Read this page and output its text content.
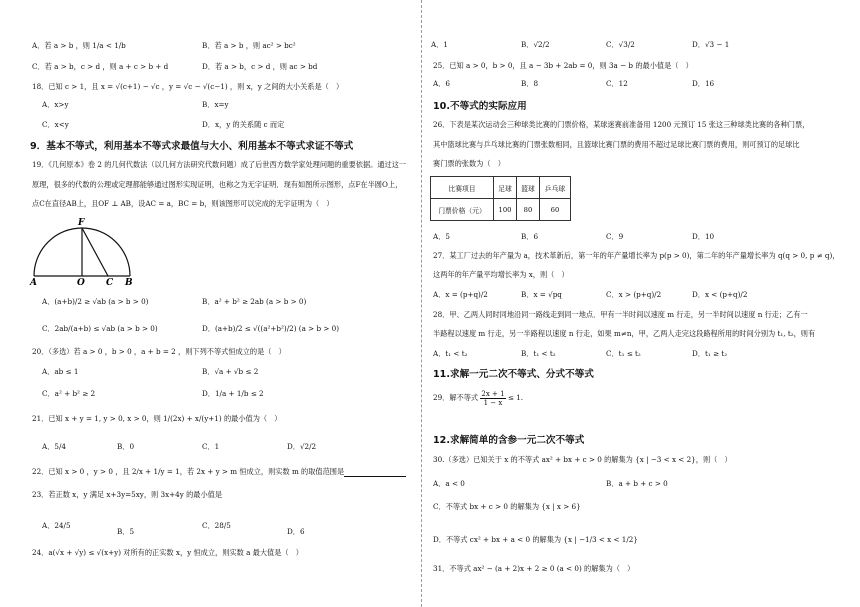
A．若 a > b ，则 1/a < 1/b	B．若 a > b ，则 ac² > bc²
C．若 a > b，c > d ，则 a + c > b + d	D．若 a > b，c > d ，则 ac > bd
18．已知 c > 1，且 x = √(c+1) − √c ，y = √c − √(c−1) ，则 x，y 之间的大小关系是（　）
A．x>y	B．x=y
C．x<y	D．x，y 的关系随 c 而定
9．基本不等式，利用基本不等式求最值与大小、利用基本不等式求证不等式
19．《几何原本》卷 2 的几何代数法（以几何方法研究代数问题）成了后世西方数学家处理问题的重要依据。通过这一
原理，很多的代数的公理或定理都能够通过图形实现证明，也称之为无字证明．现有如图所示图形，点F在半圆O上，
点C在直径AB上，且OF ⊥ AB，设AC = a，BC = b，则该图形可以完成的无字证明为（　）
F
A	O C B
A．(a+b)/2 ≥ √ab (a > b > 0)	B．a² + b² ≥ 2ab (a > b > 0)
C．2ab/(a+b) ≤ √ab (a > b > 0)	D．(a+b)/2 ≤ √((a²+b²)/2) (a > b > 0)
20．（多选）若 a > 0 ，b > 0 ，a + b = 2 ，则下列不等式恒成立的是（　）
A．ab ≤ 1	B．√a + √b ≤ 2
C．a² + b² ≥ 2	D．1/a + 1/b ≤ 2
21．已知 x + y = 1, y > 0, x > 0，则 1/(2x) + x/(y+1) 的最小值为（　）
A．5/4	B．0	C．1	D．√2/2
22．已知 x > 0 ，y > 0 ，且 2/x + 1/y = 1，若 2x + y > m 恒成立，则实数 m 的取值范围是
23．若正数 x，y 满足 x+3y=5xy，则 3x+4y 的最小值是
A．24/5
B．5
C．28/5
D．6
24．a(√x + √y) ≤ √(x+y) 对所有的正实数 x，y 恒成立，则实数 a 最大值是（　）
A．1	B．√2/2	C．√3/2	D．√3 − 1
25．已知 a > 0，b > 0，且 a − 3b + 2ab = 0，则 3a − b 的最小值是（　）
A．6	B．8	C．12	D．16
10.不等式的实际应用
26．下表是某次运动会三种球类比赛的门票价格，某球迷赛前准备用 1200 元预订 15 张这三种球类比赛的各种门票，
其中篮球比赛与乒乓球比赛的门票张数相同，且篮球比赛门票的费用不超过足球比赛门票的费用，则可预订的足球比
赛门票的张数为（　）
比赛项目	足球	篮球	乒乓球
门票价格（元）	100	80	60
A．5	B．6	C．9	D．10
27．某工厂过去的年产量为 a，技术革新后，第一年的年产量增长率为 p(p > 0)，第二年的年产量增长率为 q(q > 0, p ≠ q)，
这两年的年产量平均增长率为 x，则（　）
A．x = (p+q)/2	B．x = √pq	C．x > (p+q)/2	D．x < (p+q)/2
28．甲、乙两人同时同地沿同一路线走到同一地点．甲有一半时间以速度 m 行走，另一半时间以速度 n 行走；乙有一
半路程以速度 m 行走，另一半路程以速度 n 行走，如果 m≠n，甲，乙两人走完这段路程所用的时间分别为 t₁, t₂，则有
A．t₁ < t₂	B．t₁ < t₂	C．t₁ ≤ t₂	D．t₁ ≥ t₂
11.求解一元二次不等式、分式不等式
29．解不等式 $\frac{2x + 1}{1 - x} \le 1$.
12.求解简单的含参一元二次不等式
30.（多选）已知关于 x 的不等式 ax² + bx + c > 0 的解集为 {x | −3 < x < 2}，则（　）
A．a < 0	B．a + b + c > 0
C．不等式 bx + c > 0 的解集为 {x | x > 6}
D．不等式 cx² + bx + a < 0 的解集为 {x | −1/3 < x < 1/2}
31．不等式 ax² − (a + 2)x + 2 ≥ 0 (a < 0) 的解集为（　）
